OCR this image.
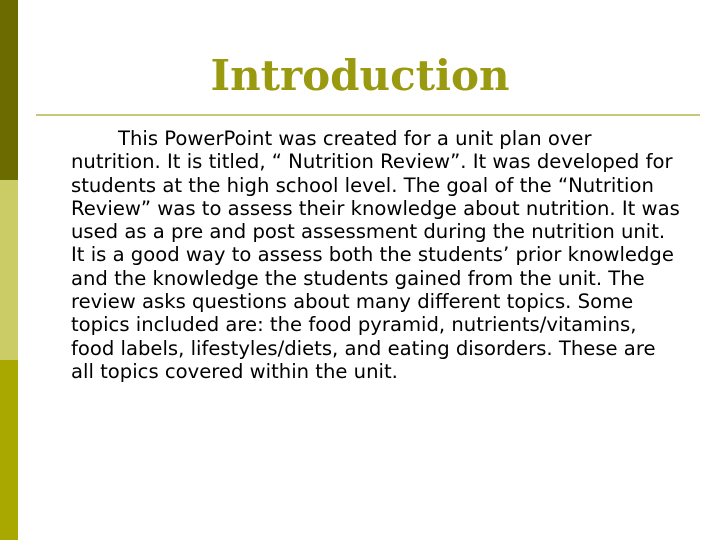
Introduction

This PowerPoint was created for a unit plan over nutrition. It is titled, “ Nutrition Review”. It was developed for students at the high school level. The goal of the “Nutrition Review” was to assess their knowledge about nutrition. It was used as a pre and post assessment during the nutrition unit. It is a good way to assess both the students’ prior knowledge and the knowledge the students gained from the unit. The review asks questions about many different topics. Some topics included are: the food pyramid, nutrients/vitamins, food labels, lifestyles/diets, and eating disorders. These are all topics covered within the unit.
